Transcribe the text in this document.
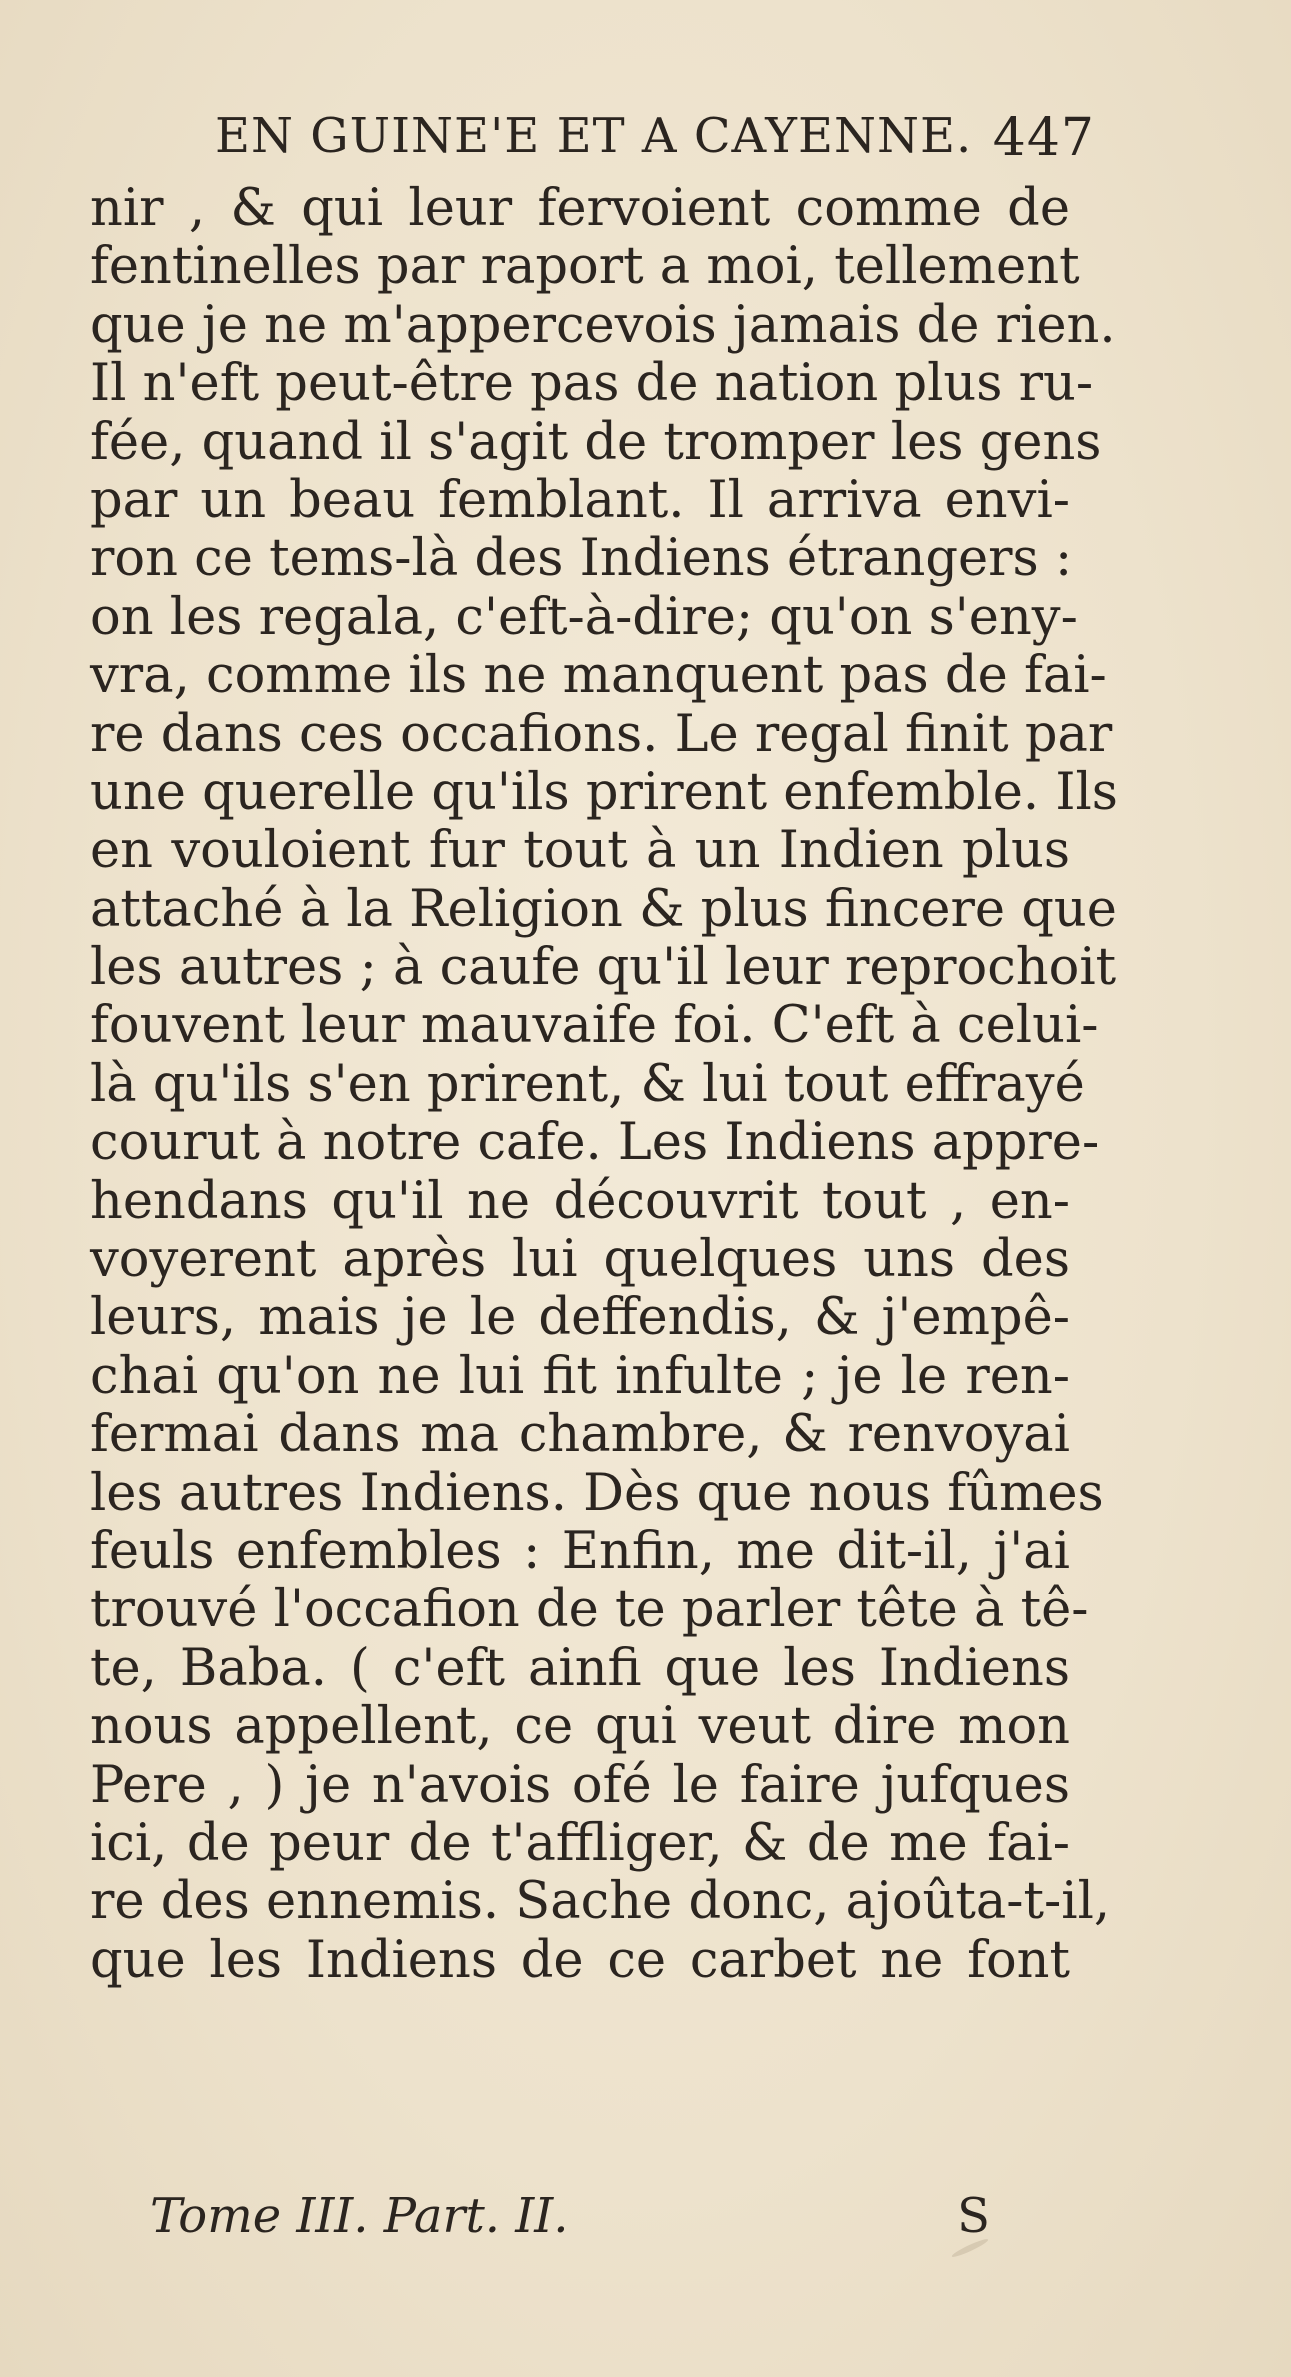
EN GUINE'E ET A CAYENNE. 447
nir , & qui leur fervoient comme de
fentinelles par raport a moi, tellement
que je ne m'appercevois jamais de rien.
Il n'eft peut-être pas de nation plus ru-
fée, quand il s'agit de tromper les gens
par un beau femblant. Il arriva envi-
ron ce tems-là des Indiens étrangers :
on les regala, c'eft-à-dire; qu'on s'eny-
vra, comme ils ne manquent pas de fai-
re dans ces occafions. Le regal finit par
une querelle qu'ils prirent enfemble. Ils
en vouloient fur tout à un Indien plus
attaché à la Religion & plus fincere que
les autres ; à caufe qu'il leur reprochoit
fouvent leur mauvaife foi. C'eft à celui-
là qu'ils s'en prirent, & lui tout effrayé
courut à notre cafe. Les Indiens appre-
hendans qu'il ne découvrit tout , en-
voyerent après lui quelques uns des
leurs, mais je le deffendis, & j'empê-
chai qu'on ne lui fit infulte ; je le ren-
fermai dans ma chambre, & renvoyai
les autres Indiens. Dès que nous fûmes
feuls enfembles : Enfin, me dit-il, j'ai
trouvé l'occafion de te parler tête à tê-
te, Baba. ( c'eft ainfi que les Indiens
nous appellent, ce qui veut dire mon
Pere , ) je n'avois ofé le faire jufques
ici, de peur de t'affliger, & de me fai-
re des ennemis. Sache donc, ajoûta-t-il,
que les Indiens de ce carbet ne font
Tome III. Part. II.	S
